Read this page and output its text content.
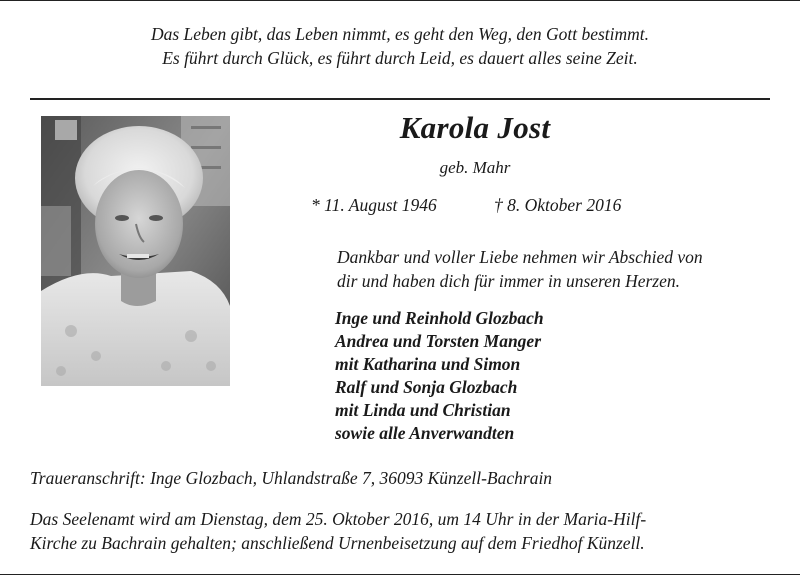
Das Leben gibt, das Leben nimmt, es geht den Weg, den Gott bestimmt.
Es führt durch Glück, es führt durch Leid, es dauert alles seine Zeit.
Karola Jost
geb. Mahr
* 11. August 1946	† 8. Oktober 2016
Dankbar und voller Liebe nehmen wir Abschied von
dir und haben dich für immer in unseren Herzen.
Inge und Reinhold Glozbach
Andrea und Torsten Manger
mit Katharina und Simon
Ralf und Sonja Glozbach
mit Linda und Christian
sowie alle Anverwandten
Traueranschrift: Inge Glozbach, Uhlandstraße 7, 36093 Künzell-Bachrain
Das Seelenamt wird am Dienstag, dem 25. Oktober 2016, um 14 Uhr in der Maria-Hilf-
Kirche zu Bachrain gehalten; anschließend Urnenbeisetzung auf dem Friedhof Künzell.
